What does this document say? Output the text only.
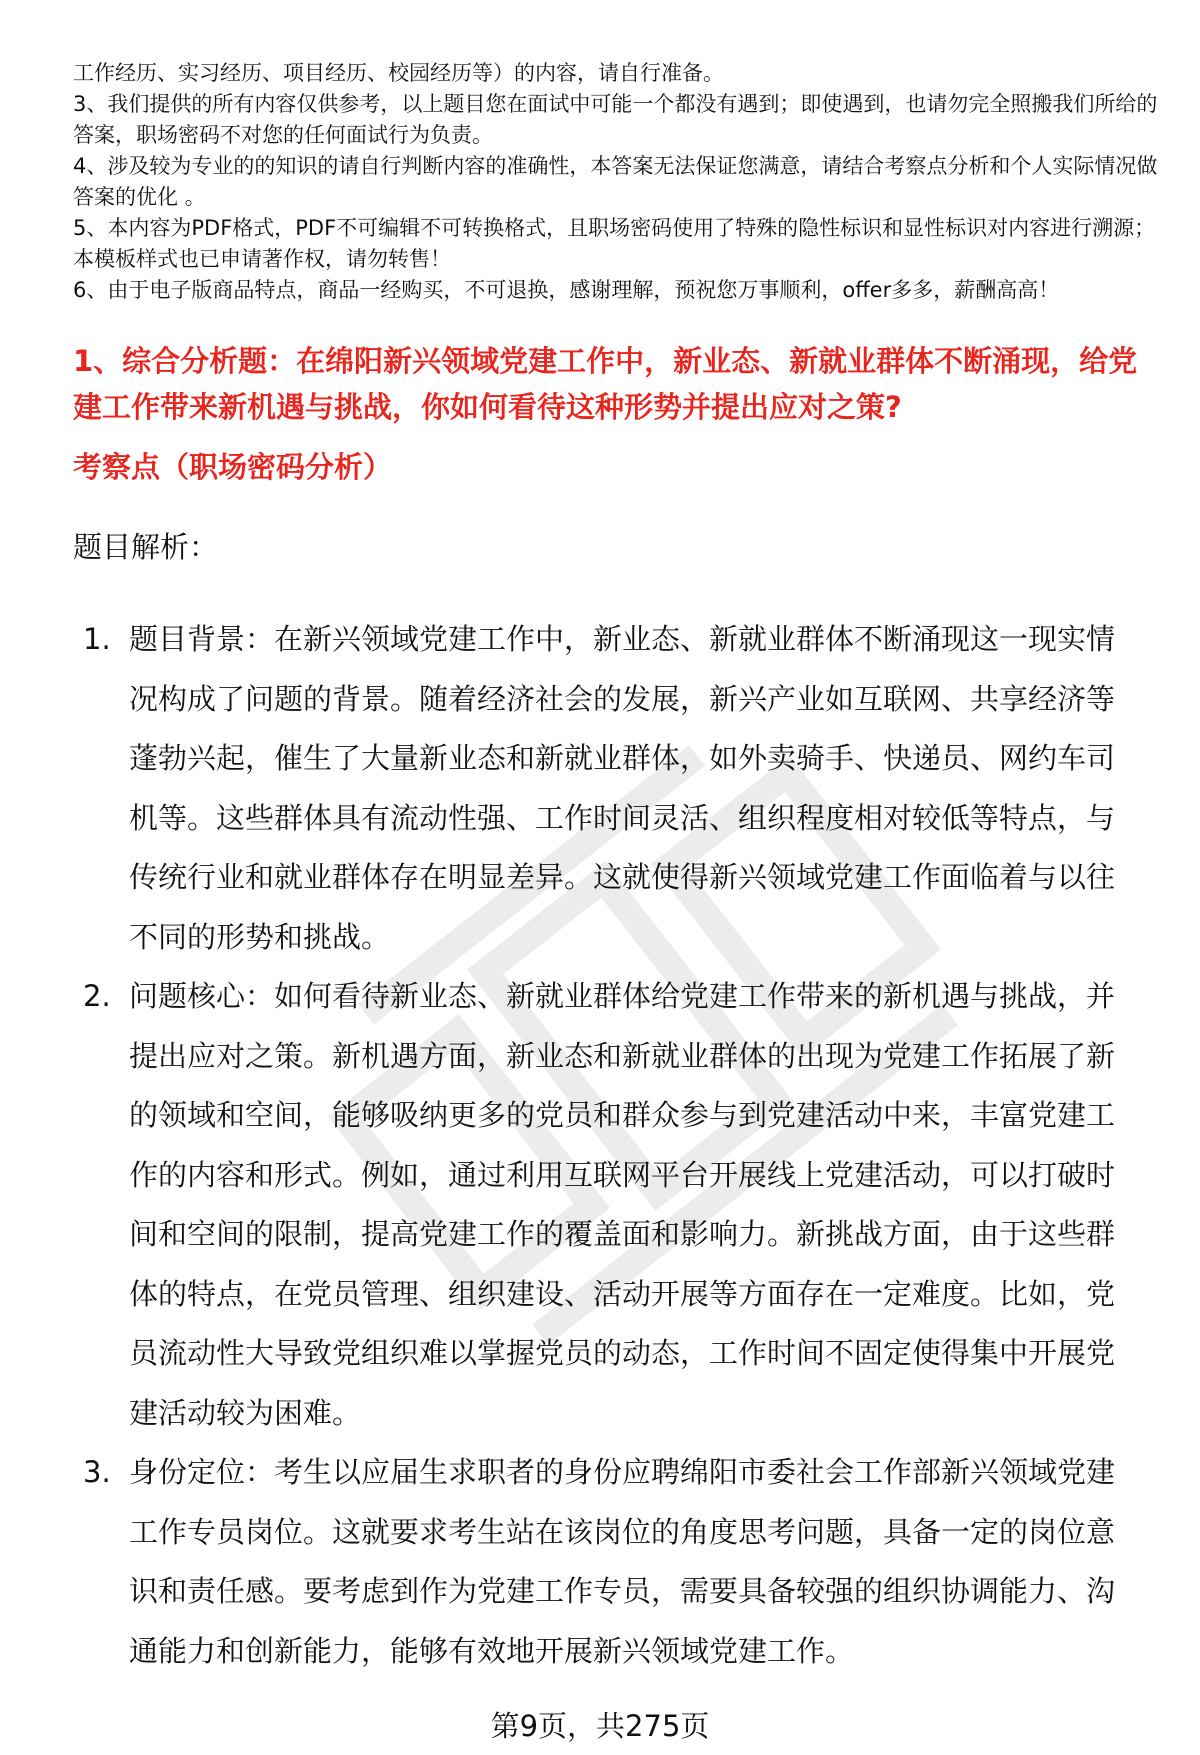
工作经历、实习经历、项目经历、校园经历等）的内容，请自行准备。

3、我们提供的所有内容仅供参考，以上题目您在面试中可能一个都没有遇到；即使遇到，也请勿完全照搬我们所给的答案，职场密码不对您的任何面试行为负责。

4、涉及较为专业的的知识的请自行判断内容的准确性，本答案无法保证您满意，请结合考察点分析和个人实际情况做答案的优化 。

5、本内容为PDF格式，PDF不可编辑不可转换格式，且职场密码使用了特殊的隐性标识和显性标识对内容进行溯源；本模板样式也已申请著作权，请勿转售！

6、由于电子版商品特点，商品一经购买，不可退换，感谢理解，预祝您万事顺利，offer多多，薪酬高高！

1、综合分析题：在绵阳新兴领域党建工作中，新业态、新就业群体不断涌现，给党建工作带来新机遇与挑战，你如何看待这种形势并提出应对之策?
考察点（职场密码分析）

题目解析：

1. 题目背景：在新兴领域党建工作中，新业态、新就业群体不断涌现这一现实情况构成了问题的背景。随着经济社会的发展，新兴产业如互联网、共享经济等蓬勃兴起，催生了大量新业态和新就业群体，如外卖骑手、快递员、网约车司机等。这些群体具有流动性强、工作时间灵活、组织程度相对较低等特点，与传统行业和就业群体存在明显差异。这就使得新兴领域党建工作面临着与以往不同的形势和挑战。
2. 问题核心：如何看待新业态、新就业群体给党建工作带来的新机遇与挑战，并提出应对之策。新机遇方面，新业态和新就业群体的出现为党建工作拓展了新的领域和空间，能够吸纳更多的党员和群众参与到党建活动中来，丰富党建工作的内容和形式。例如，通过利用互联网平台开展线上党建活动，可以打破时间和空间的限制，提高党建工作的覆盖面和影响力。新挑战方面，由于这些群体的特点，在党员管理、组织建设、活动开展等方面存在一定难度。比如，党员流动性大导致党组织难以掌握党员的动态，工作时间不固定使得集中开展党建活动较为困难。
3. 身份定位：考生以应届生求职者的身份应聘绵阳市委社会工作部新兴领域党建工作专员岗位。这就要求考生站在该岗位的角度思考问题，具备一定的岗位意识和责任感。要考虑到作为党建工作专员，需要具备较强的组织协调能力、沟通能力和创新能力，能够有效地开展新兴领域党建工作。
第9页，共275页
